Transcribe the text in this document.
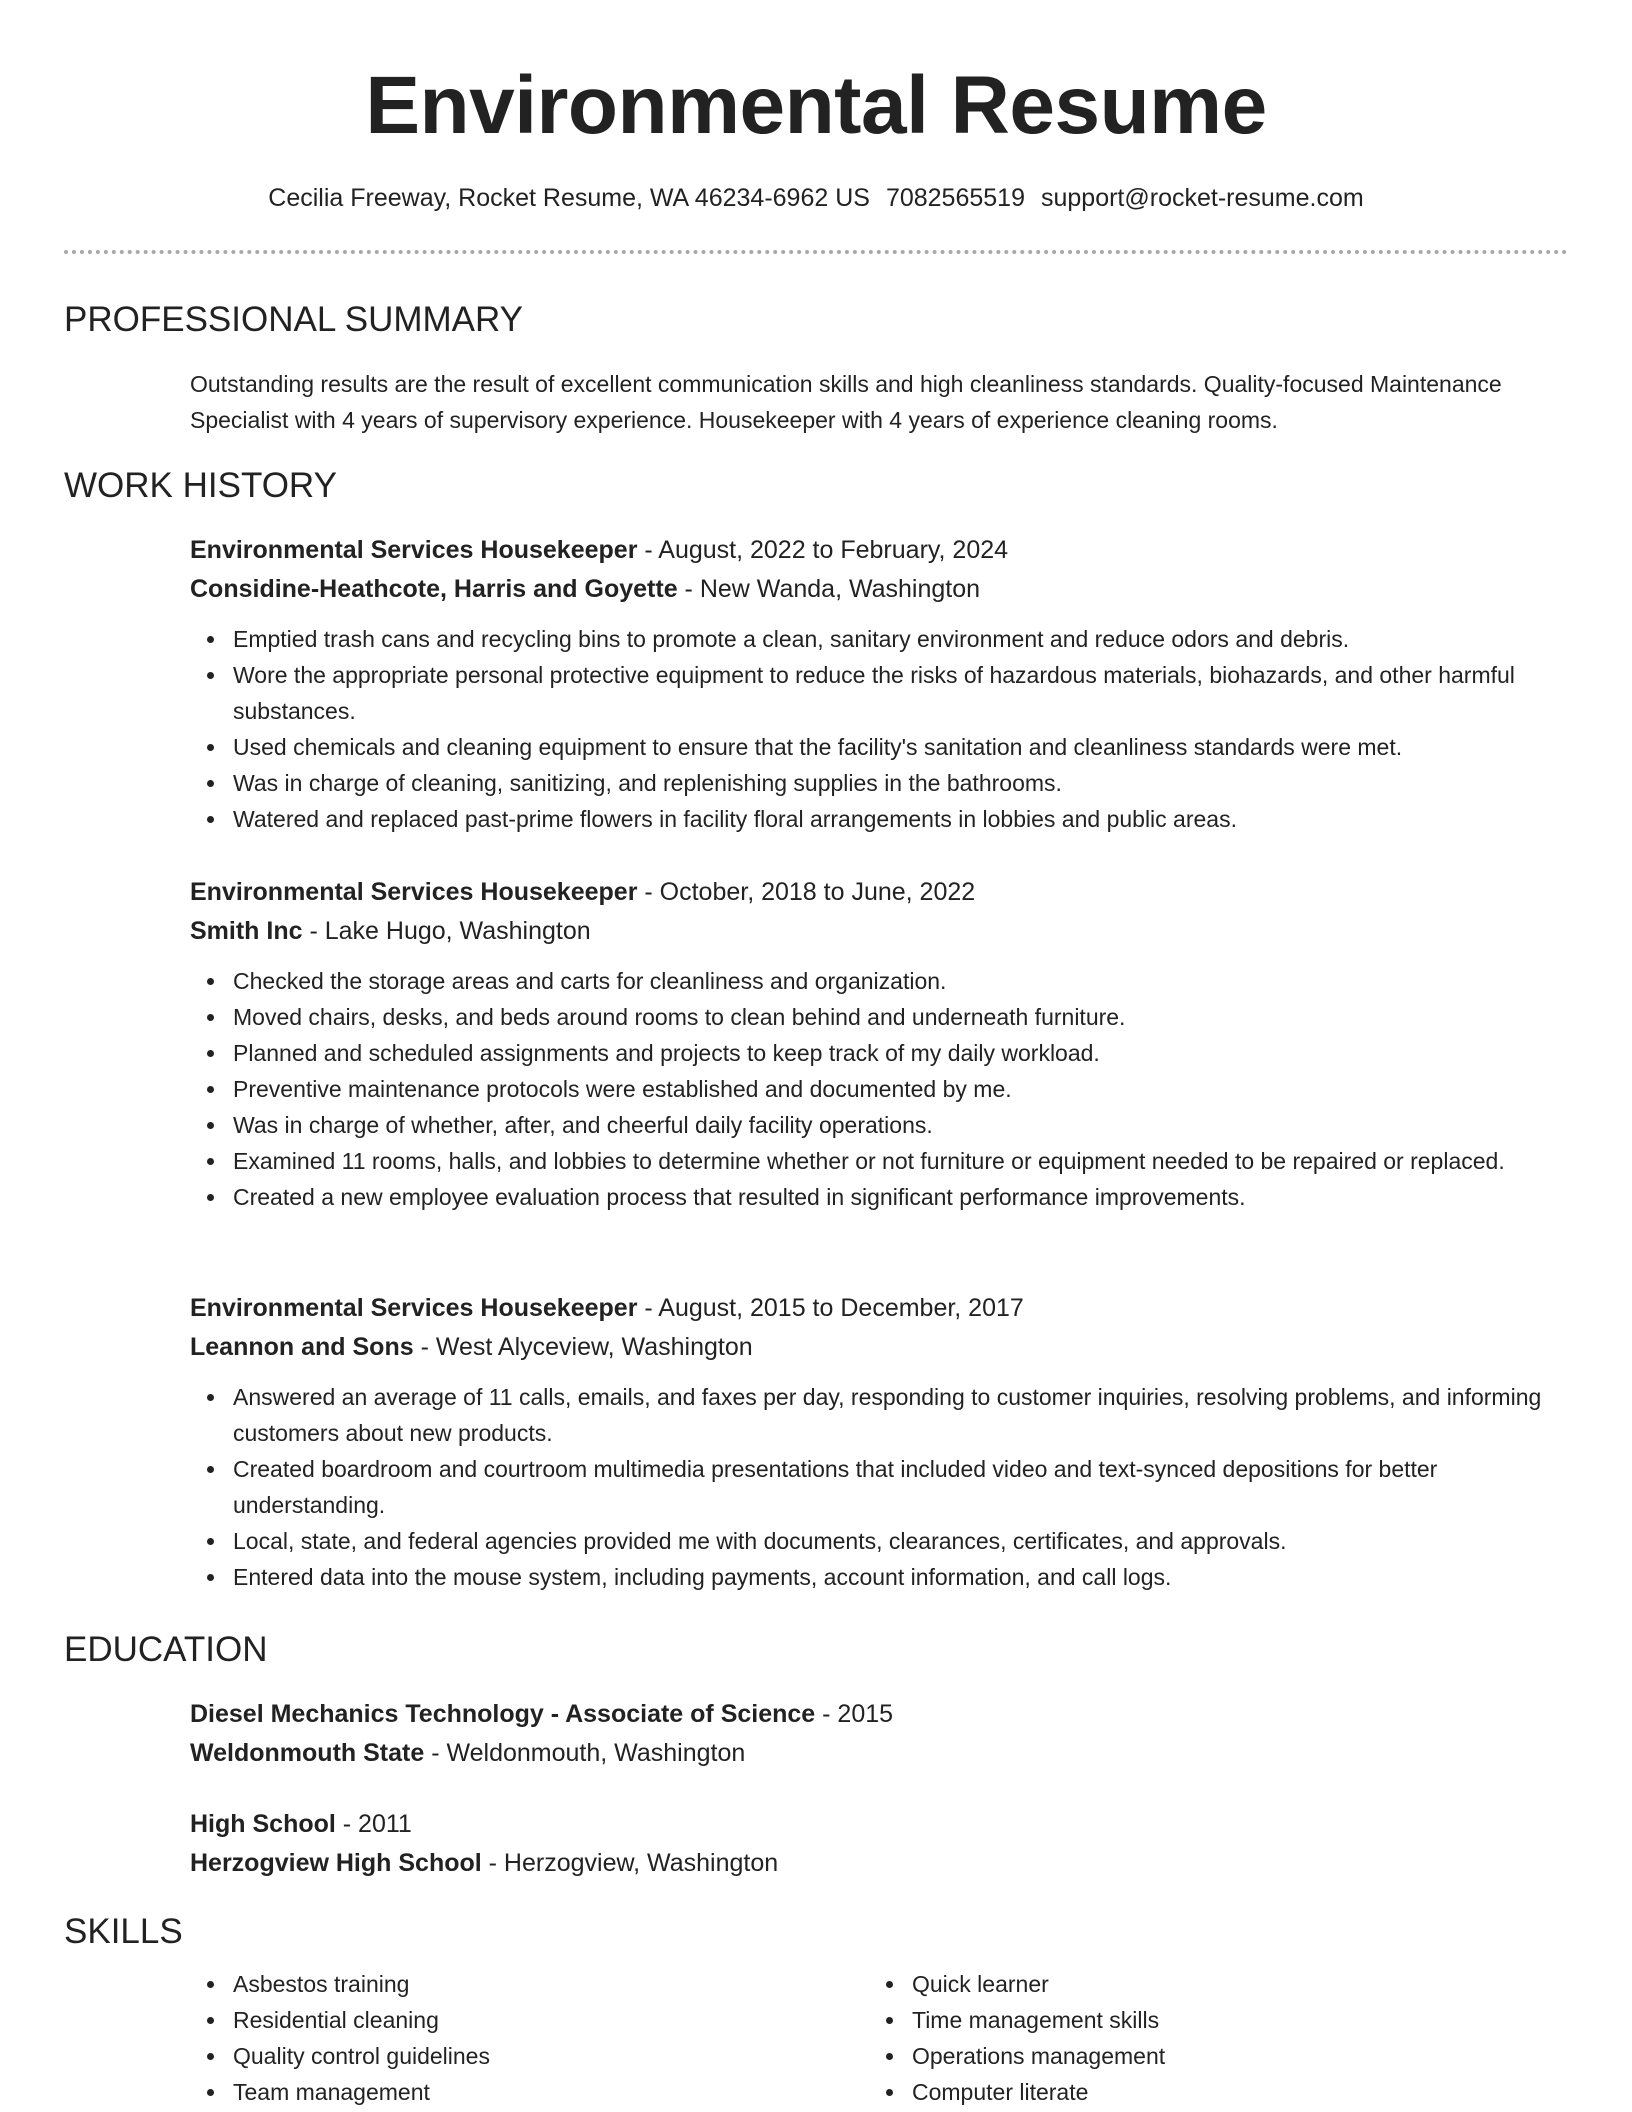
Environmental Resume
Cecilia Freeway, Rocket Resume, WA 46234-6962 US 7082565519 support@rocket-resume.com
PROFESSIONAL SUMMARY
Outstanding results are the result of excellent communication skills and high cleanliness standards. Quality-focused Maintenance Specialist with 4 years of supervisory experience. Housekeeper with 4 years of experience cleaning rooms.
WORK HISTORY
Environmental Services Housekeeper - August, 2022 to February, 2024
Considine-Heathcote, Harris and Goyette - New Wanda, Washington
Emptied trash cans and recycling bins to promote a clean, sanitary environment and reduce odors and debris.
Wore the appropriate personal protective equipment to reduce the risks of hazardous materials, biohazards, and other harmful substances.
Used chemicals and cleaning equipment to ensure that the facility's sanitation and cleanliness standards were met.
Was in charge of cleaning, sanitizing, and replenishing supplies in the bathrooms.
Watered and replaced past-prime flowers in facility floral arrangements in lobbies and public areas.
Environmental Services Housekeeper - October, 2018 to June, 2022
Smith Inc - Lake Hugo, Washington
Checked the storage areas and carts for cleanliness and organization.
Moved chairs, desks, and beds around rooms to clean behind and underneath furniture.
Planned and scheduled assignments and projects to keep track of my daily workload.
Preventive maintenance protocols were established and documented by me.
Was in charge of whether, after, and cheerful daily facility operations.
Examined 11 rooms, halls, and lobbies to determine whether or not furniture or equipment needed to be repaired or replaced.
Created a new employee evaluation process that resulted in significant performance improvements.
Environmental Services Housekeeper - August, 2015 to December, 2017
Leannon and Sons - West Alyceview, Washington
Answered an average of 11 calls, emails, and faxes per day, responding to customer inquiries, resolving problems, and informing customers about new products.
Created boardroom and courtroom multimedia presentations that included video and text-synced depositions for better understanding.
Local, state, and federal agencies provided me with documents, clearances, certificates, and approvals.
Entered data into the mouse system, including payments, account information, and call logs.
EDUCATION
Diesel Mechanics Technology - Associate of Science - 2015
Weldonmouth State - Weldonmouth, Washington
High School - 2011
Herzogview High School - Herzogview, Washington
SKILLS
Asbestos training
Residential cleaning
Quality control guidelines
Team management
Quick learner
Time management skills
Operations management
Computer literate
